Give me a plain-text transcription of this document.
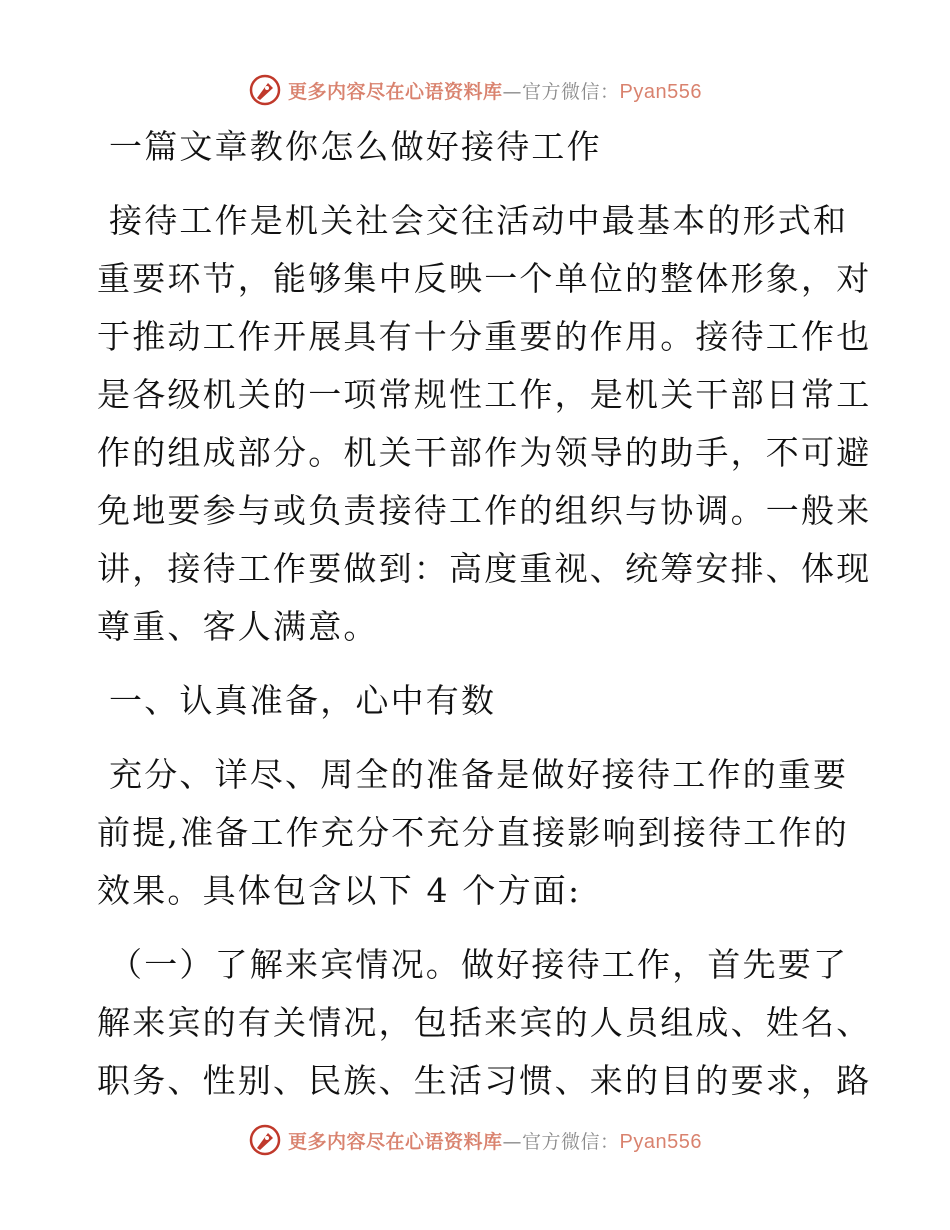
更多内容尽在心语资料库—官方微信：Pyan556
一篇文章教你怎么做好接待工作
接待工作是机关社会交往活动中最基本的形式和
重要环节，能够集中反映一个单位的整体形象，对
于推动工作开展具有十分重要的作用。接待工作也
是各级机关的一项常规性工作，是机关干部日常工
作的组成部分。机关干部作为领导的助手，不可避
免地要参与或负责接待工作的组织与协调。一般来
讲，接待工作要做到：高度重视、统筹安排、体现
尊重、客人满意。
一、认真准备，心中有数
充分、详尽、周全的准备是做好接待工作的重要
前提,准备工作充分不充分直接影响到接待工作的
效果。具体包含以下 4 个方面:
（一）了解来宾情况。做好接待工作，首先要了
解来宾的有关情况，包括来宾的人员组成、姓名、
职务、性别、民族、生活习惯、来的目的要求，路
更多内容尽在心语资料库—官方微信：Pyan556
